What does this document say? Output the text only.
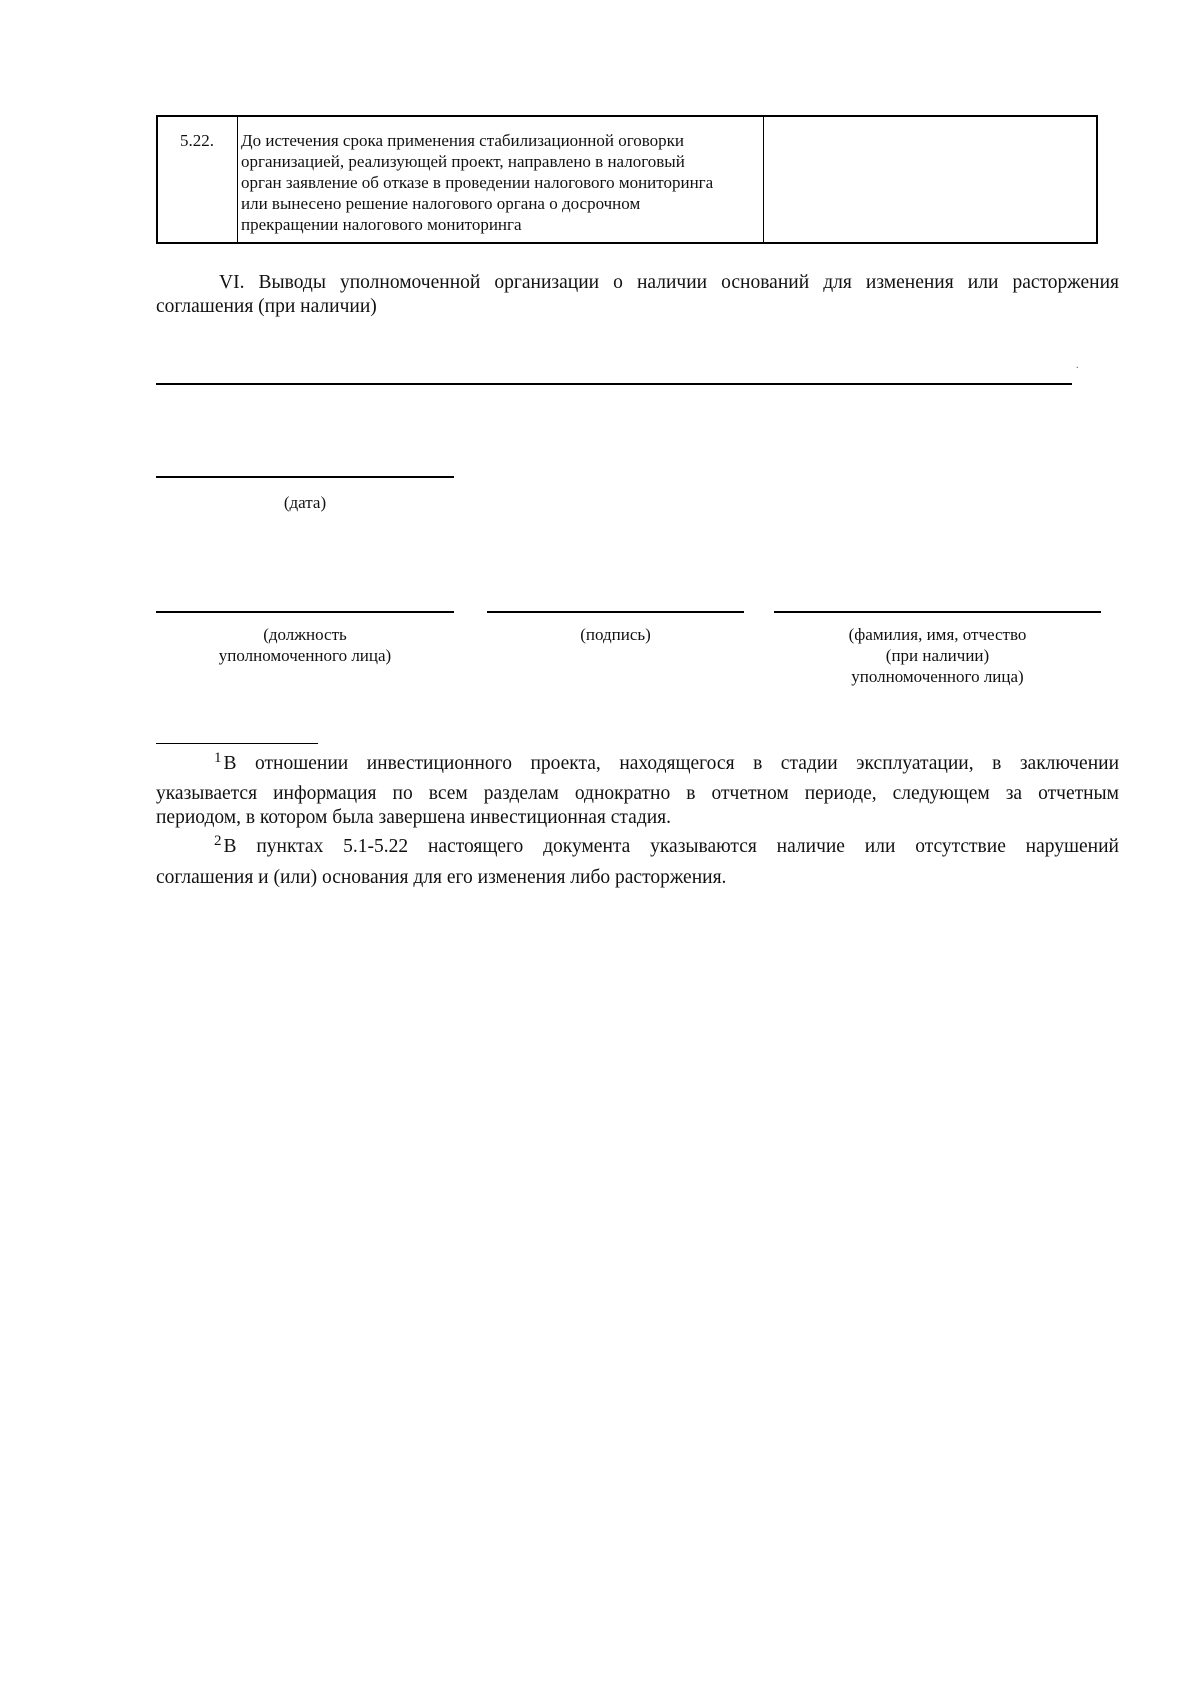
5.22. До истечения срока применения стабилизационной оговорки
организацией, реализующей проект, направлено в налоговый
орган заявление об отказе в проведении налогового мониторинга
или вынесено решение налогового органа о досрочном
прекращении налогового мониторинга

VI. Выводы уполномоченной организации о наличии оснований для изменения или расторжения
соглашения (при наличии)
.
(дата)
(должность
уполномоченного лица)
(подпись)	(фамилия, имя, отчество
(при наличии)
уполномоченного лица)
$^1$ В отношении инвестиционного проекта, находящегося в стадии эксплуатации, в заключении
указывается информация по всем разделам однократно в отчетном периоде, следующем за отчетным
периодом, в котором была завершена инвестиционная стадия.
$^2$ В пунктах 5.1-5.22 настоящего документа указываются наличие или отсутствие нарушений
соглашения и (или) основания для его изменения либо расторжения.
